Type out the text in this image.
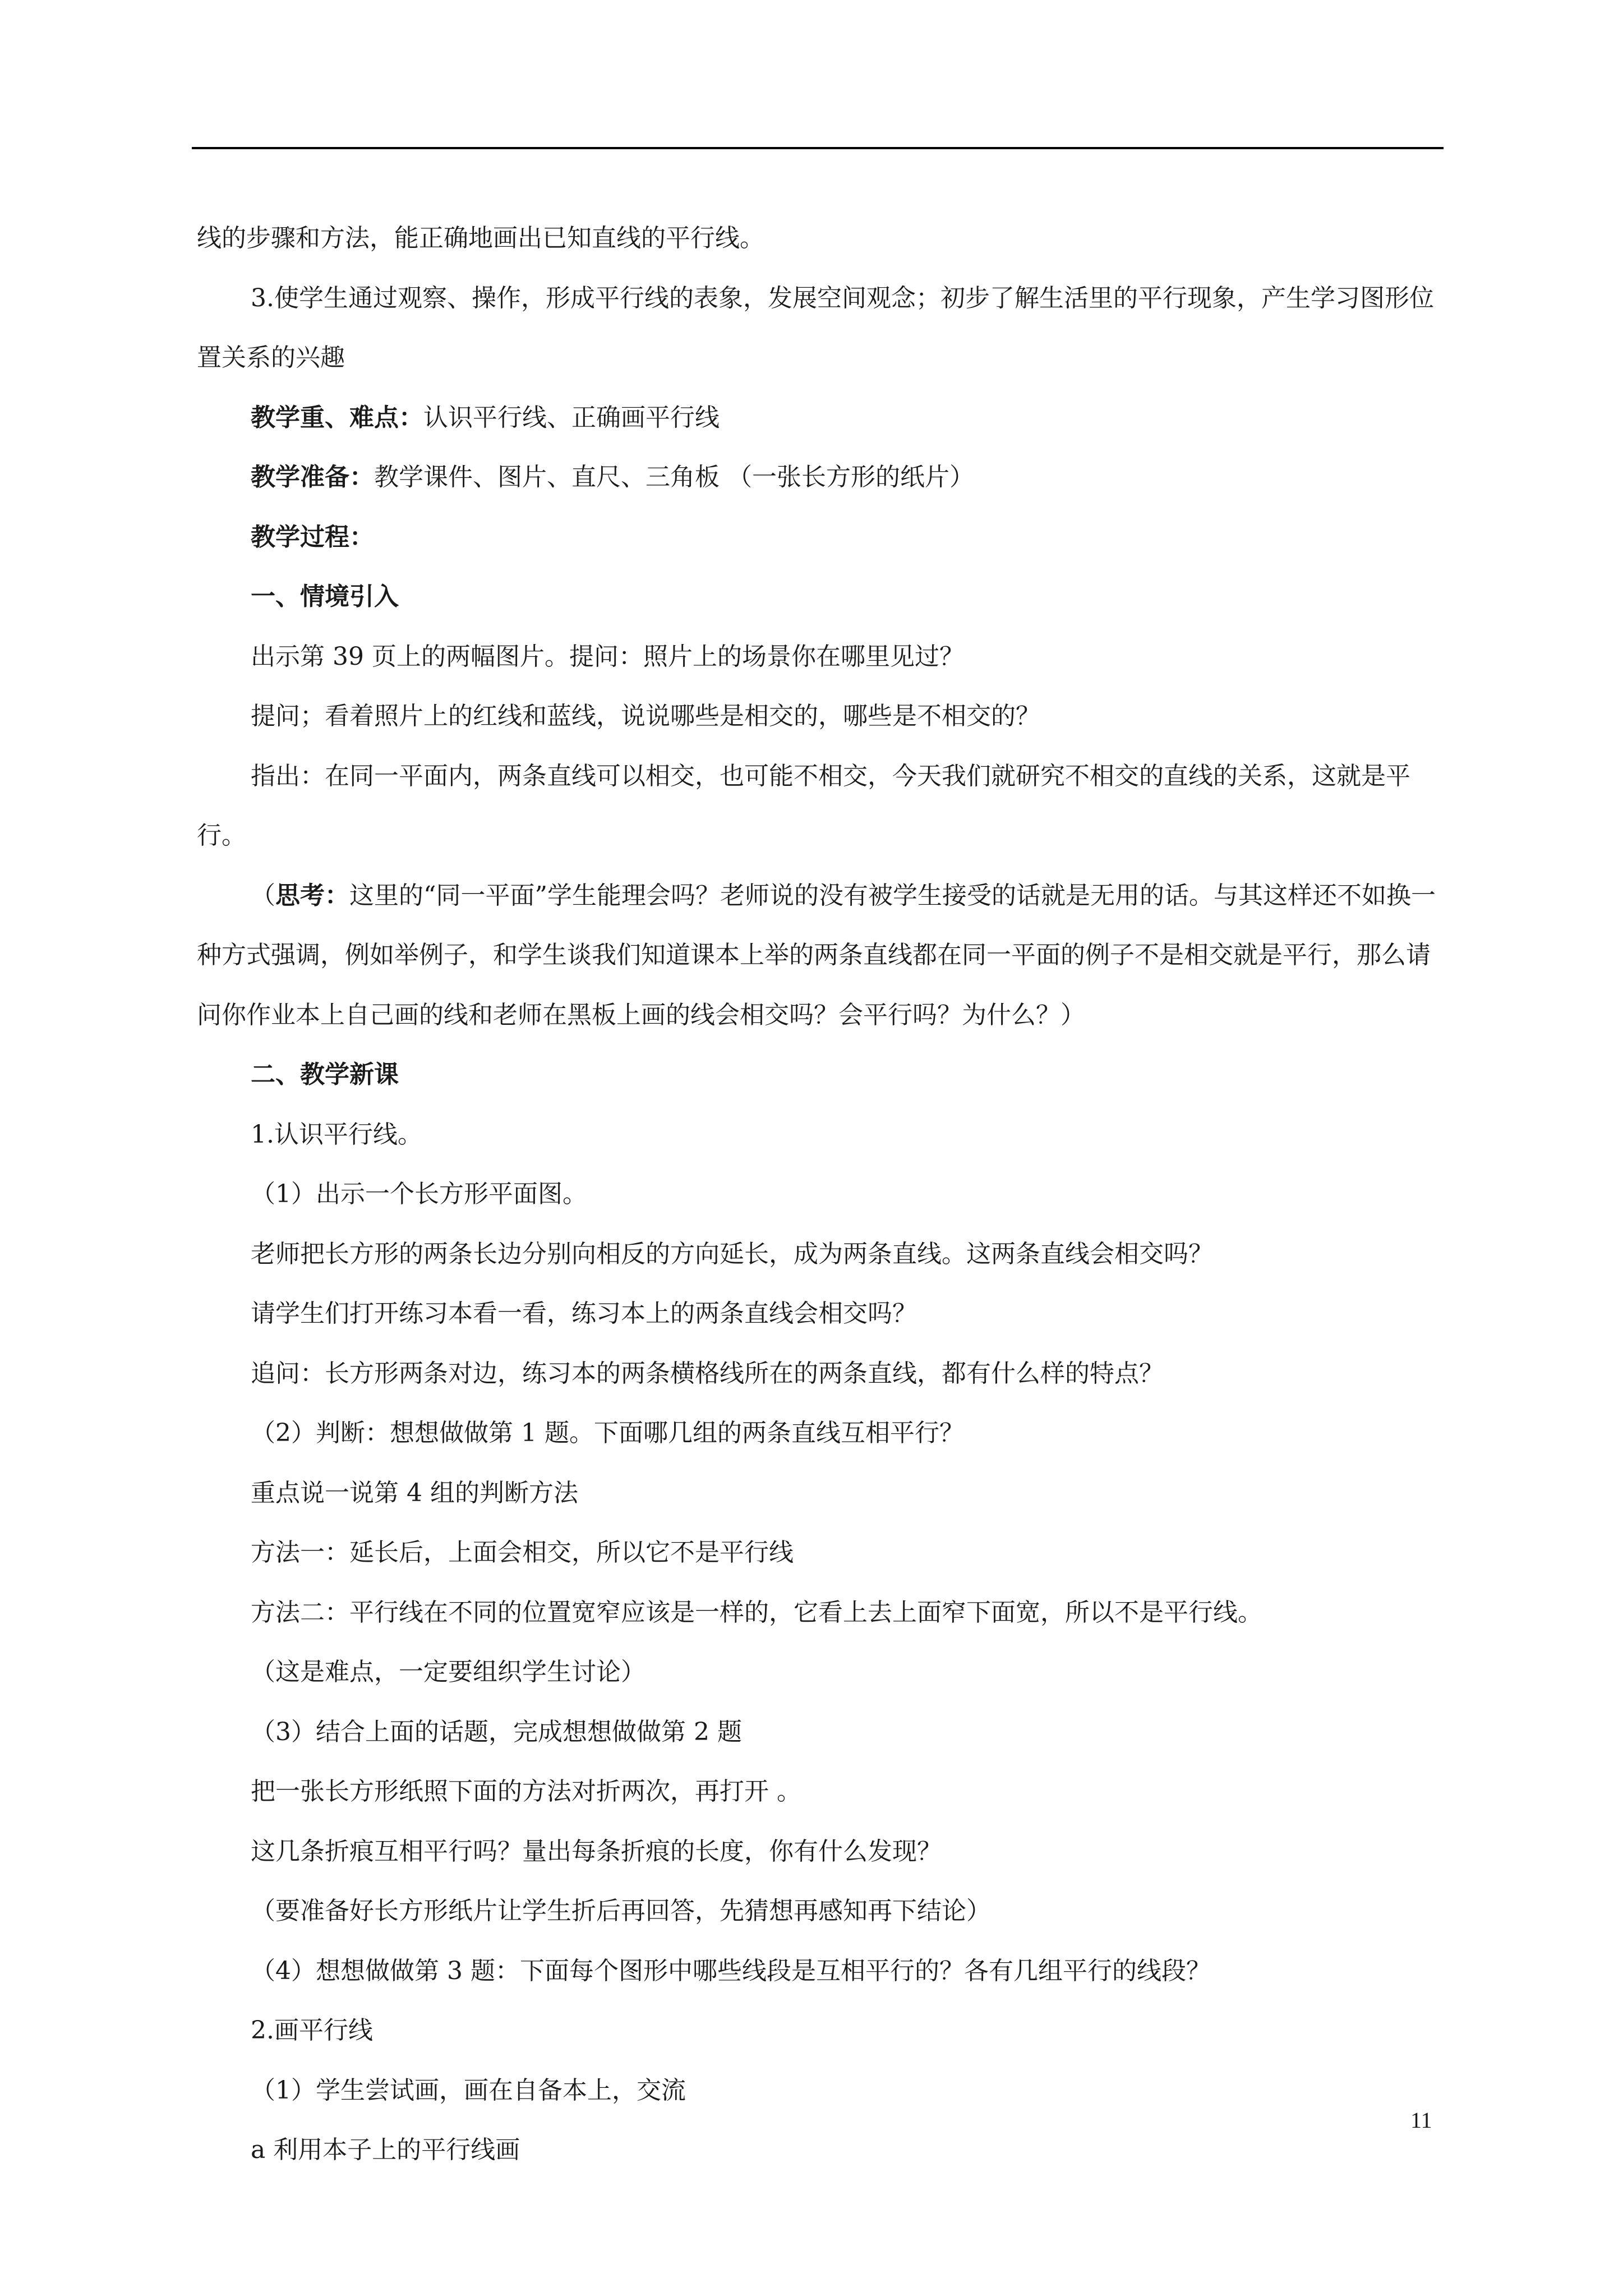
线的步骤和方法，能正确地画出已知直线的平行线。

3.使学生通过观察、操作，形成平行线的表象，发展空间观念；初步了解生活里的平行现象，产生学习图形位置关系的兴趣

教学重、难点：认识平行线、正确画平行线

教学准备：教学课件、图片、直尺、三角板 （一张长方形的纸片）

教学过程：

一、情境引入

出示第 39 页上的两幅图片。提问：照片上的场景你在哪里见过？

提问；看着照片上的红线和蓝线，说说哪些是相交的，哪些是不相交的？

指出：在同一平面内，两条直线可以相交，也可能不相交，今天我们就研究不相交的直线的关系，这就是平行。

（思考：这里的“同一平面”学生能理会吗？老师说的没有被学生接受的话就是无用的话。与其这样还不如换一种方式强调，例如举例子，和学生谈我们知道课本上举的两条直线都在同一平面的例子不是相交就是平行，那么请问你作业本上自己画的线和老师在黑板上画的线会相交吗？会平行吗？为什么？）

二、教学新课

1.认识平行线。

（1）出示一个长方形平面图。

老师把长方形的两条长边分别向相反的方向延长，成为两条直线。这两条直线会相交吗？

请学生们打开练习本看一看，练习本上的两条直线会相交吗？

追问：长方形两条对边，练习本的两条横格线所在的两条直线，都有什么样的特点？

（2）判断：想想做做第 1 题。下面哪几组的两条直线互相平行？

重点说一说第 4 组的判断方法

方法一：延长后，上面会相交，所以它不是平行线

方法二：平行线在不同的位置宽窄应该是一样的，它看上去上面窄下面宽，所以不是平行线。

（这是难点，一定要组织学生讨论）

（3）结合上面的话题，完成想想做做第 2 题

把一张长方形纸照下面的方法对折两次，再打开 。

这几条折痕互相平行吗？量出每条折痕的长度，你有什么发现？

（要准备好长方形纸片让学生折后再回答，先猜想再感知再下结论）

（4）想想做做第 3 题：下面每个图形中哪些线段是互相平行的？各有几组平行的线段？

2.画平行线

（1）学生尝试画，画在自备本上，交流

a 利用本子上的平行线画

11
